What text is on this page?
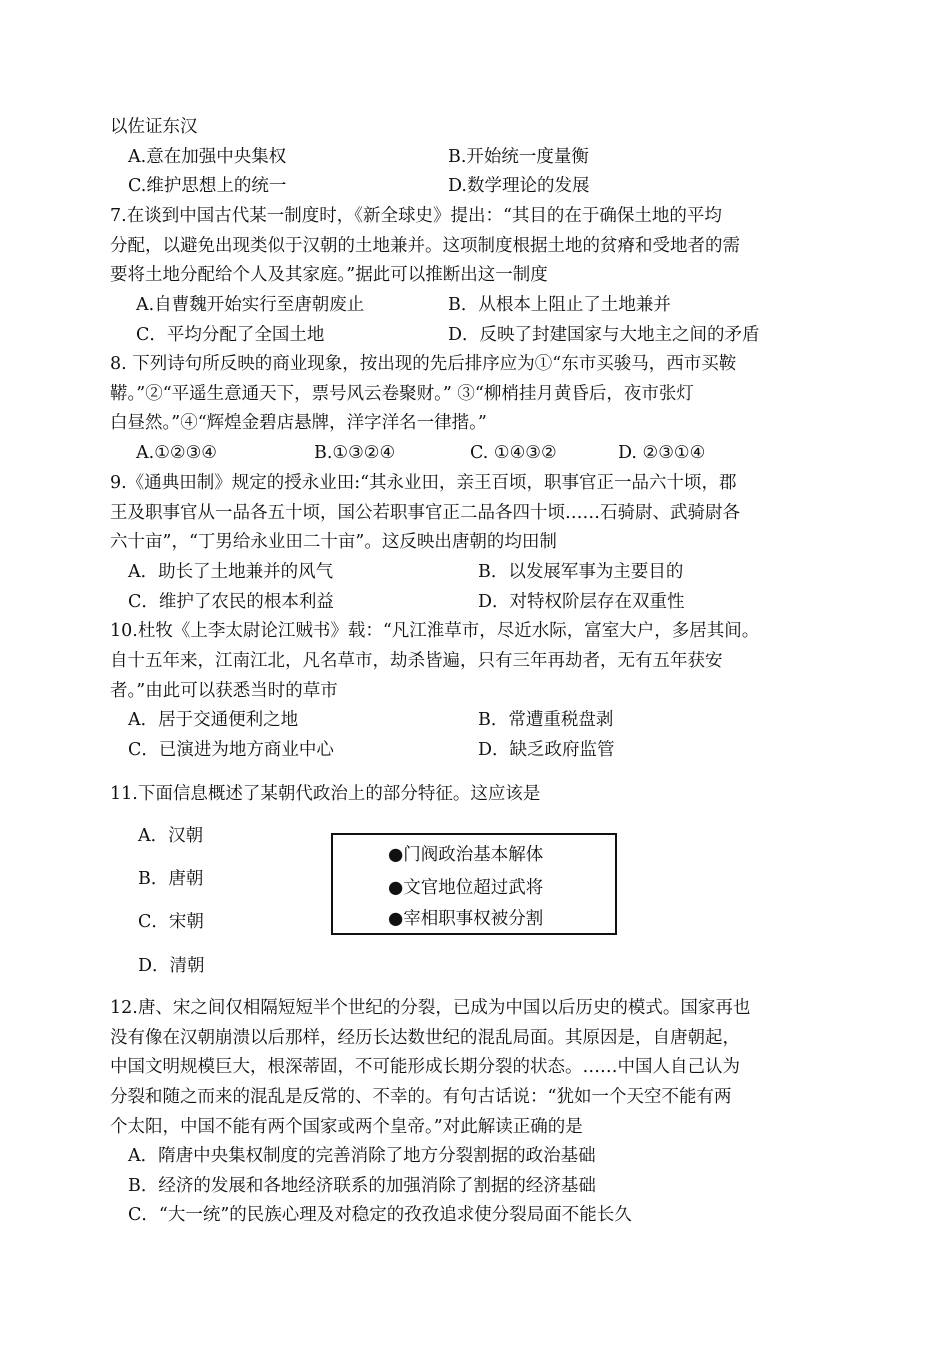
以佐证东汉
A.意在加强中央集权	B.开始统一度量衡
C.维护思想上的统一	D.数学理论的发展
7.在谈到中国古代某一制度时，《新全球史》提出：“其目的在于确保土地的平均
分配，以避免出现类似于汉朝的土地兼并。这项制度根据土地的贫瘠和受地者的需
要将土地分配给个人及其家庭。”据此可以推断出这一制度
A.自曹魏开始实行至唐朝废止	B．从根本上阻止了土地兼并
C．平均分配了全国土地	D．反映了封建国家与大地主之间的矛盾
8. 下列诗句所反映的商业现象，按出现的先后排序应为①“东市买骏马，西市买鞍
鞯。”②“平遥生意通天下，票号风云卷聚财。” ③“柳梢挂月黄昏后，夜市张灯
白昼然。”④“辉煌金碧店悬牌，洋字洋名一律揩。”
A.①②③④	B.①③②④	C. ①④③②	D. ②③①④
9.《通典田制》规定的授永业田:“其永业田，亲王百顷，职事官正一品六十顷，郡
王及职事官从一品各五十顷，国公若职事官正二品各四十顷……石骑尉、武骑尉各
六十亩”，“丁男给永业田二十亩”。这反映出唐朝的均田制
A．助长了土地兼并的风气	B．以发展军事为主要目的
C．维护了农民的根本利益	D．对特权阶层存在双重性
10.杜牧《上李太尉论江贼书》载：“凡江淮草市，尽近水际，富室大户，多居其间。
自十五年来，江南江北，凡名草市，劫杀皆遍，只有三年再劫者，无有五年获安
者。”由此可以获悉当时的草市
A．居于交通便利之地	B．常遭重税盘剥
C．已演进为地方商业中心	D．缺乏政府监管
11.下面信息概述了某朝代政治上的部分特征。这应该是
A．汉朝
B．唐朝
C．宋朝
D．清朝
●门阀政治基本解体
●文官地位超过武将
●宰相职事权被分割
12.唐、宋之间仅相隔短短半个世纪的分裂，已成为中国以后历史的模式。国家再也
没有像在汉朝崩溃以后那样，经历长达数世纪的混乱局面。其原因是，自唐朝起，
中国文明规模巨大，根深蒂固，不可能形成长期分裂的状态。……中国人自己认为
分裂和随之而来的混乱是反常的、不幸的。有句古话说：“犹如一个天空不能有两
个太阳，中国不能有两个国家或两个皇帝。”对此解读正确的是
A．隋唐中央集权制度的完善消除了地方分裂割据的政治基础
B．经济的发展和各地经济联系的加强消除了割据的经济基础
C．“大一统”的民族心理及对稳定的孜孜追求使分裂局面不能长久
